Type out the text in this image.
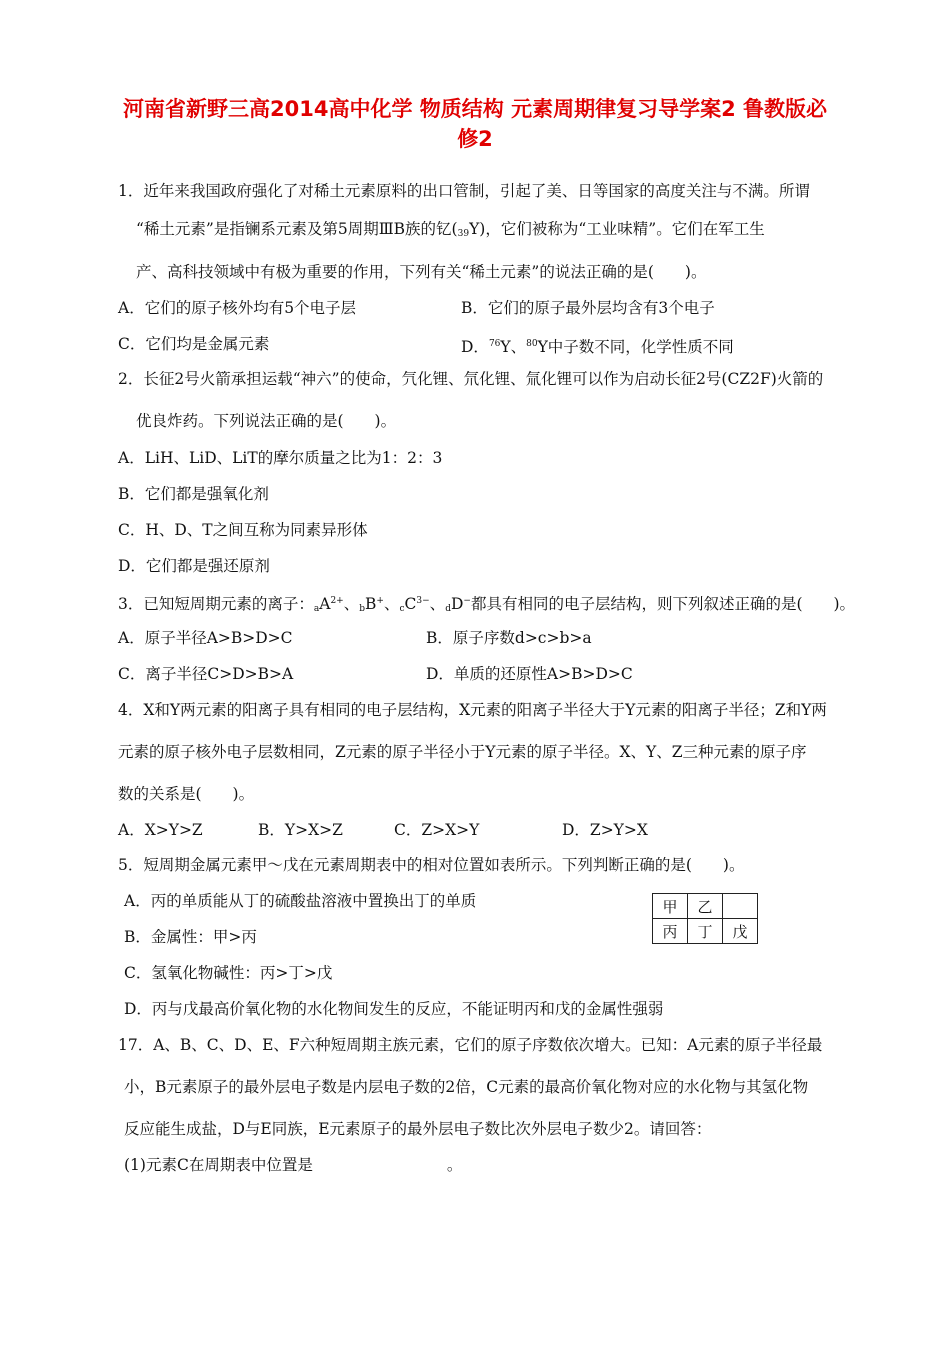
河南省新野三高2014高中化学 物质结构 元素周期律复习导学案2 鲁教版必
修2
1．近年来我国政府强化了对稀土元素原料的出口管制，引起了美、日等国家的高度关注与不满。所谓
“稀土元素”是指镧系元素及第5周期ⅢB族的钇$(_{39}Y)$，它们被称为“工业味精”。它们在军工生
产、高科技领域中有极为重要的作用，下列有关“稀土元素”的说法正确的是(　　)。
A．它们的原子核外均有5个电子层	B．它们的原子最外层均含有3个电子
C．它们均是金属元素	D．$^{76}$Y、$^{80}$Y中子数不同，化学性质不同
2．长征2号火箭承担运载“神六”的使命，氕化锂、氘化锂、氚化锂可以作为启动长征2号(CZ2F)火箭的
优良炸药。下列说法正确的是(　　)。
A．LiH、LiD、LiT的摩尔质量之比为1：2：3
B．它们都是强氧化剂
C．H、D、T之间互称为同素异形体
D．它们都是强还原剂
3．已知短周期元素的离子：$_aA^{2+}$、$_b$B+、$_cC^{3-}$、$_d$D−都具有相同的电子层结构，则下列叙述正确的是(　　)。
A．原子半径A>B>D>C	B．原子序数d>c>b>a
C．离子半径C>D>B>A	D．单质的还原性A>B>D>C
4．X和Y两元素的阳离子具有相同的电子层结构，X元素的阳离子半径大于Y元素的阳离子半径；Z和Y两
元素的原子核外电子层数相同，Z元素的原子半径小于Y元素的原子半径。X、Y、Z三种元素的原子序
数的关系是(　　)。
A．X>Y>Z	B．Y>X>Z	C．Z>X>Y	D．Z>Y>X
5．短周期金属元素甲～戊在元素周期表中的相对位置如表所示。下列判断正确的是(　　)。
A．丙的单质能从丁的硫酸盐溶液中置换出丁的单质
B．金属性：甲>丙
C．氢氧化物碱性：丙>丁>戊
D．丙与戊最高价氧化物的水化物间发生的反应，不能证明丙和戊的金属性强弱
甲	乙	
丙	丁	戊
17．A、B、C、D、E、F六种短周期主族元素，它们的原子序数依次增大。已知：A元素的原子半径最
小，B元素原子的最外层电子数是内层电子数的2倍，C元素的最高价氧化物对应的水化物与其氢化物
反应能生成盐，D与E同族，E元素原子的最外层电子数比次外层电子数少2。请回答：
(1)元素C在周期表中位置是	。
